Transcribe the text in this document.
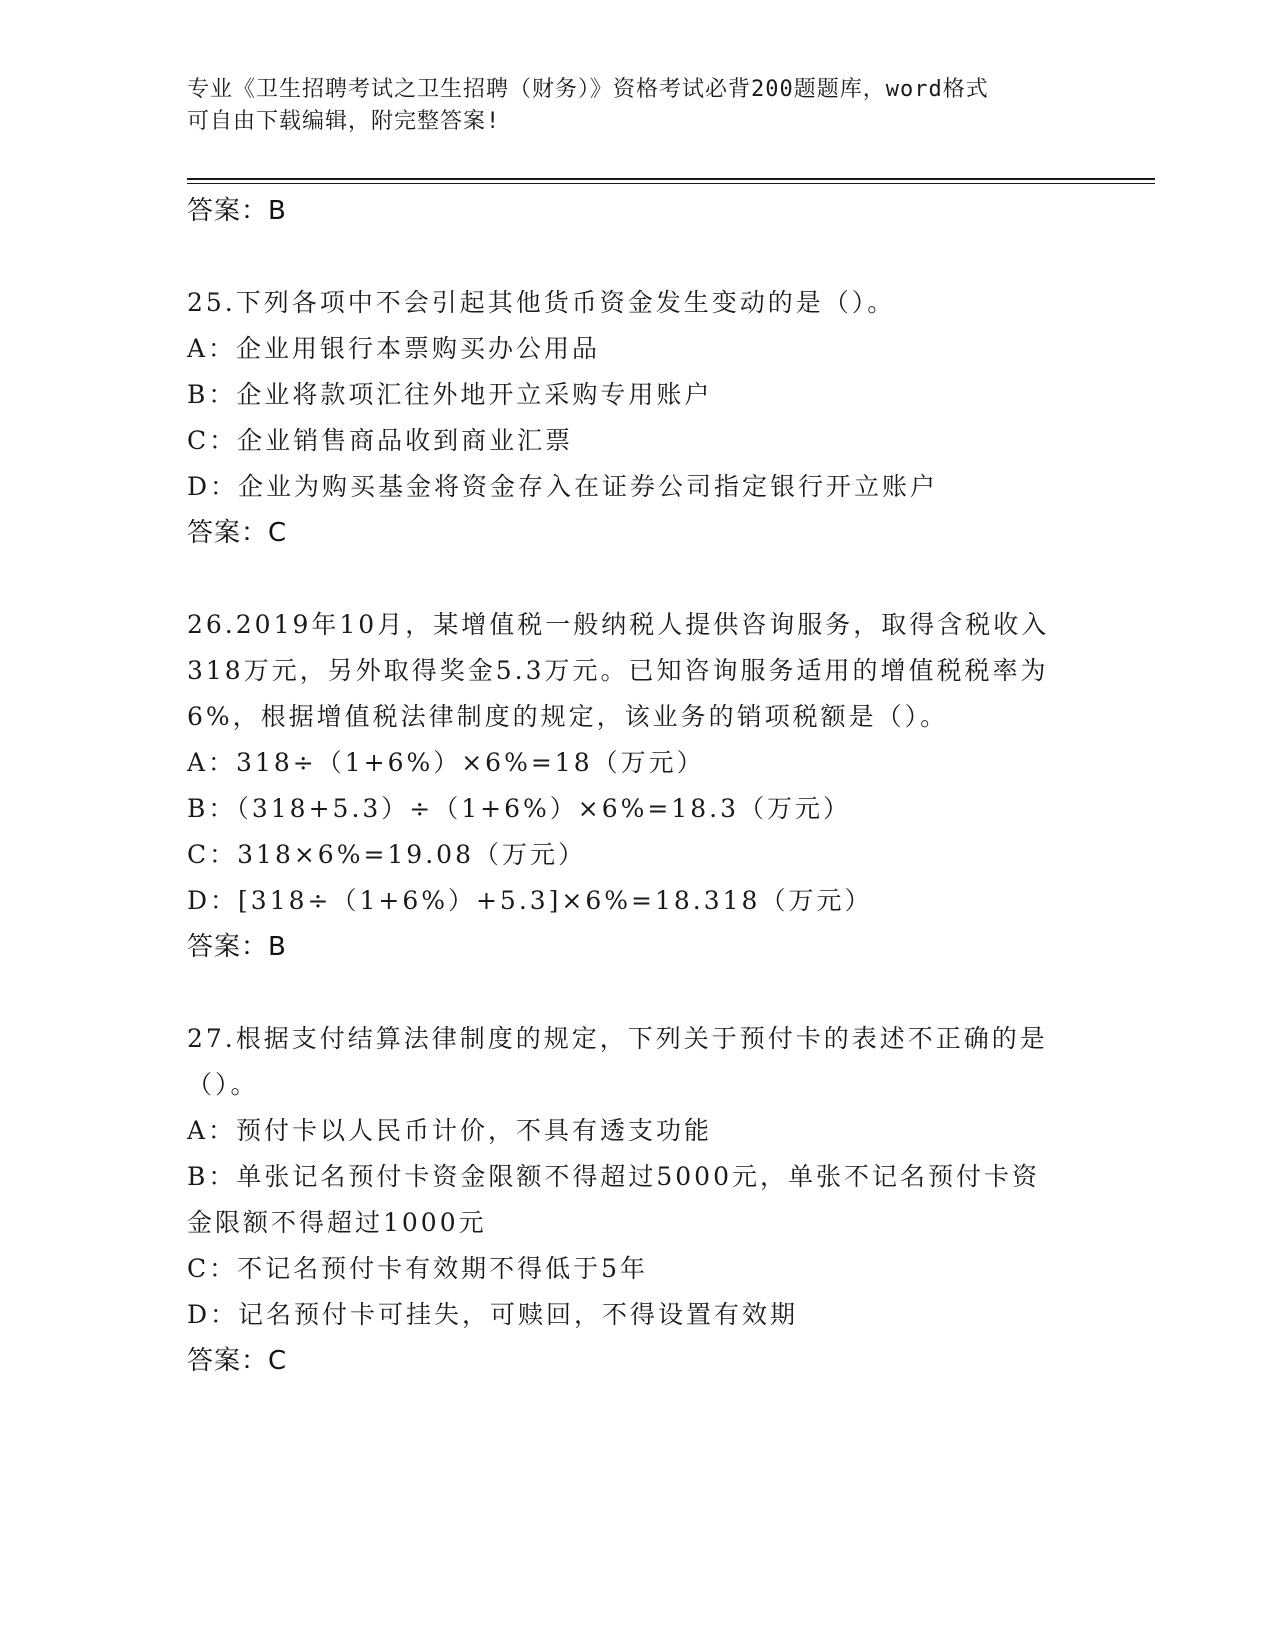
专业《卫生招聘考试之卫生招聘（财务）》资格考试必背200题题库，word格式
可自由下载编辑，附完整答案!
答案：B
25.下列各项中不会引起其他货币资金发生变动的是（）。
A：企业用银行本票购买办公用品
B：企业将款项汇往外地开立采购专用账户
C：企业销售商品收到商业汇票
D：企业为购买基金将资金存入在证券公司指定银行开立账户
答案：C
26.2019年10月，某增值税一般纳税人提供咨询服务，取得含税收入
318万元，另外取得奖金5.3万元。已知咨询服务适用的增值税税率为
6%，根据增值税法律制度的规定，该业务的销项税额是（）。
A：318÷（1+6%）×6%=18（万元）
B：（318+5.3）÷（1+6%）×6%=18.3（万元）
C：318×6%=19.08（万元）
D：[318÷（1+6%）+5.3]×6%=18.318（万元）
答案：B
27.根据支付结算法律制度的规定，下列关于预付卡的表述不正确的是
（）。
A：预付卡以人民币计价，不具有透支功能
B：单张记名预付卡资金限额不得超过5000元，单张不记名预付卡资
金限额不得超过1000元
C：不记名预付卡有效期不得低于5年
D：记名预付卡可挂失，可赎回，不得设置有效期
答案：C
